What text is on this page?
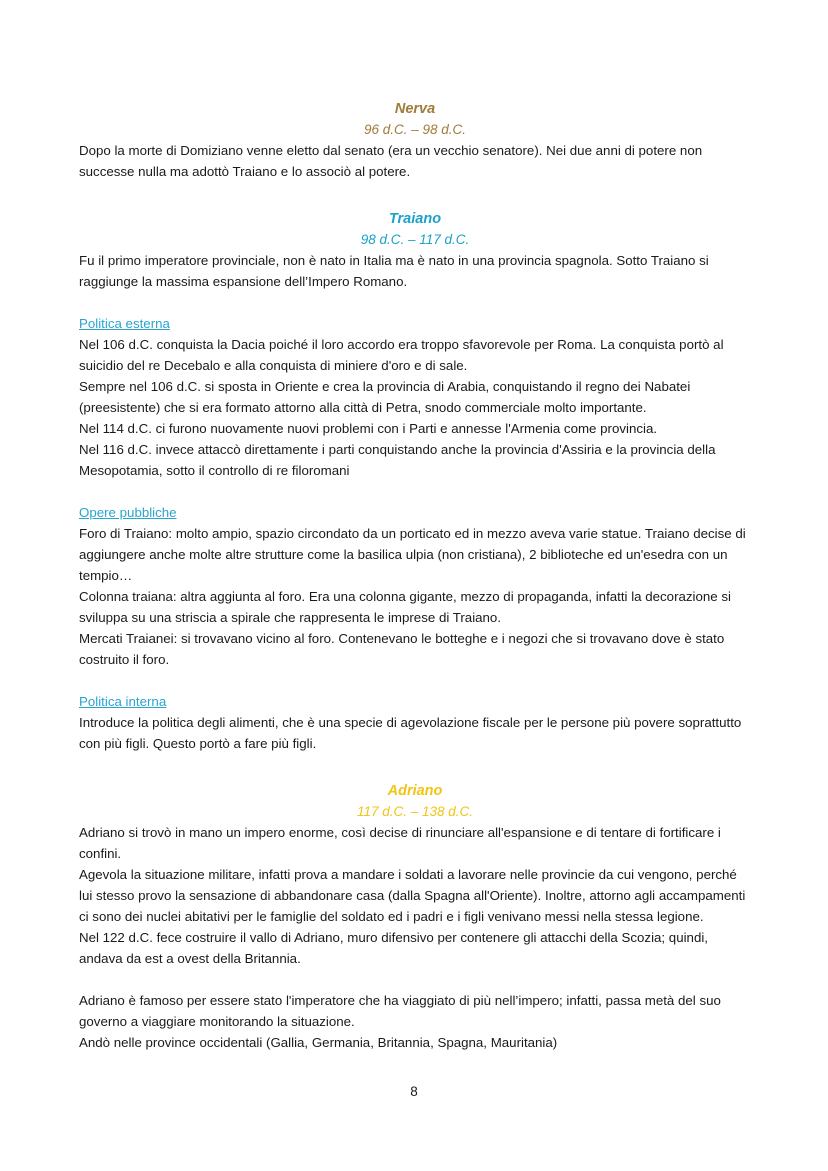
Nerva
96 d.C. – 98 d.C.

Dopo la morte di Domiziano venne eletto dal senato (era un vecchio senatore). Nei due anni di potere non successe nulla ma adottò Traiano e lo associò al potere.

Traiano
98 d.C. – 117 d.C.

Fu il primo imperatore provinciale, non è nato in Italia ma è nato in una provincia spagnola. Sotto Traiano si raggiunge la massima espansione dell’Impero Romano.

Politica esterna

Nel 106 d.C. conquista la Dacia poiché il loro accordo era troppo sfavorevole per Roma. La conquista portò al suicidio del re Decebalo e alla conquista di miniere d'oro e di sale.

Sempre nel 106 d.C. si sposta in Oriente e crea la provincia di Arabia, conquistando il regno dei Nabatei (preesistente) che si era formato attorno alla città di Petra, snodo commerciale molto importante.

Nel 114 d.C. ci furono nuovamente nuovi problemi con i Parti e annesse l'Armenia come provincia.

Nel 116 d.C. invece attaccò direttamente i parti conquistando anche la provincia d'Assiria e la provincia della Mesopotamia, sotto il controllo di re filoromani

Opere pubbliche

Foro di Traiano: molto ampio, spazio circondato da un porticato ed in mezzo aveva varie statue. Traiano decise di aggiungere anche molte altre strutture come la basilica ulpia (non cristiana), 2 biblioteche ed un'esedra con un tempio…

Colonna traiana: altra aggiunta al foro. Era una colonna gigante, mezzo di propaganda, infatti la decorazione si sviluppa su una striscia a spirale che rappresenta le imprese di Traiano.

Mercati Traianei: si trovavano vicino al foro. Contenevano le botteghe e i negozi che si trovavano dove è stato costruito il foro.

Politica interna

Introduce la politica degli alimenti, che è una specie di agevolazione fiscale per le persone più povere soprattutto con più figli. Questo portò a fare più figli.

Adriano
117 d.C. – 138 d.C.

Adriano si trovò in mano un impero enorme, così decise di rinunciare all'espansione e di tentare di fortificare i confini.

Agevola la situazione militare, infatti prova a mandare i soldati a lavorare nelle provincie da cui vengono, perché lui stesso provo la sensazione di abbandonare casa (dalla Spagna all'Oriente). Inoltre, attorno agli accampamenti ci sono dei nuclei abitativi per le famiglie del soldato ed i padri e i figli venivano messi nella stessa legione.

Nel 122 d.C. fece costruire il vallo di Adriano, muro difensivo per contenere gli attacchi della Scozia; quindi, andava da est a ovest della Britannia.

Adriano è famoso per essere stato l'imperatore che ha viaggiato di più nell’impero; infatti, passa metà del suo governo a viaggiare monitorando la situazione.

Andò nelle province occidentali (Gallia, Germania, Britannia, Spagna, Mauritania)

8
